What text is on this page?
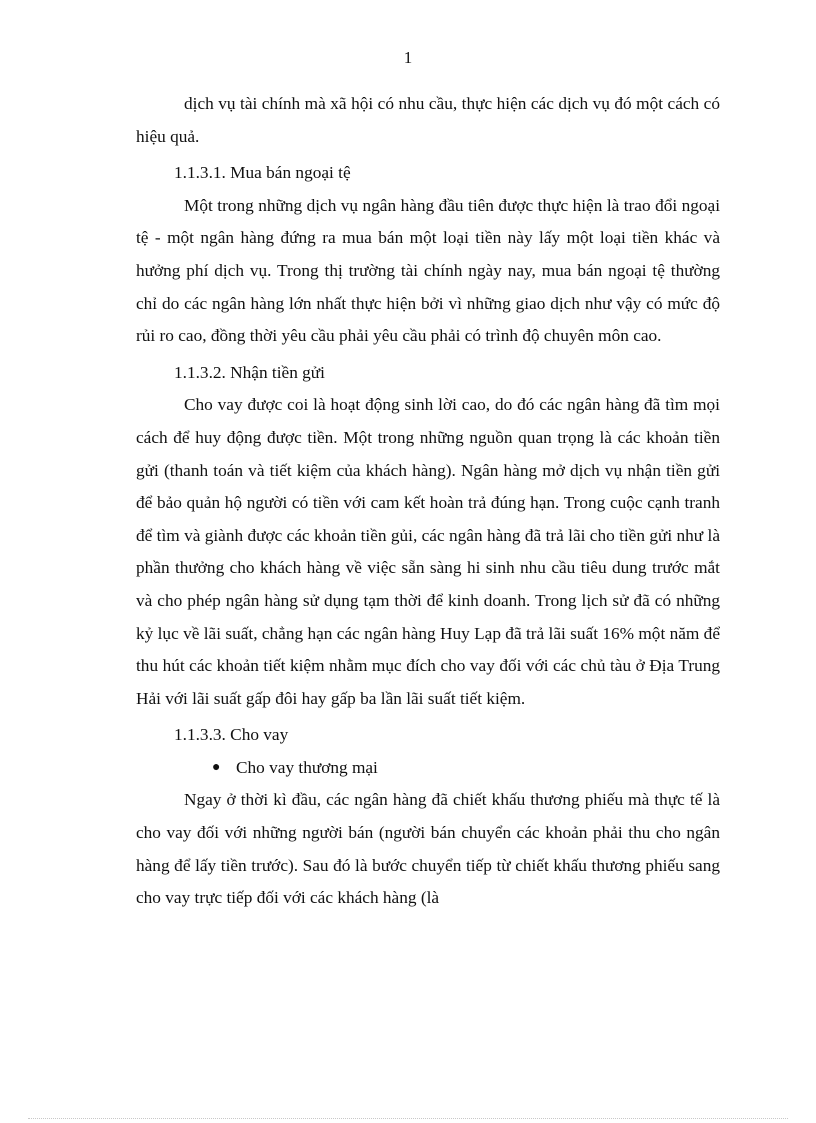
1

dịch vụ tài chính mà xã hội có nhu cầu, thực hiện các dịch vụ đó một cách có hiệu quả.

1.1.3.1. Mua bán ngoại tệ

Một trong những dịch vụ ngân hàng đầu tiên được thực hiện là trao đổi ngoại tệ - một ngân hàng đứng ra mua bán một loại tiền này lấy một loại tiền khác và hưởng phí dịch vụ. Trong thị trường tài chính ngày nay, mua bán ngoại tệ thường chỉ do các ngân hàng lớn nhất thực hiện bởi vì những giao dịch như vậy có mức độ rủi ro cao, đồng thời yêu cầu phải yêu cầu phải có trình độ chuyên môn cao.

1.1.3.2. Nhận tiền gửi

Cho vay được coi là hoạt động sinh lời cao, do đó các ngân hàng đã tìm mọi cách để huy động được tiền. Một trong những nguồn quan trọng là các khoản tiền gửi (thanh toán và tiết kiệm của khách hàng). Ngân hàng mở dịch vụ nhận tiền gửi để bảo quản hộ người có tiền với cam kết hoàn trả đúng hạn. Trong cuộc cạnh tranh để tìm và giành được các khoản tiền gủi, các ngân hàng đã trả lãi cho tiền gửi như là phần thưởng cho khách hàng về việc sẵn sàng hi sinh nhu cầu tiêu dung trước mắt và cho phép ngân hàng sử dụng tạm thời để kinh doanh. Trong lịch sử đã có những kỷ lục về lãi suất, chẳng hạn các ngân hàng Huy Lạp đã trả lãi suất 16% một năm để thu hút các khoản tiết kiệm nhằm mục đích cho vay đối với các chủ tàu ở Địa Trung Hải với lãi suất gấp đôi hay gấp ba lần lãi suất tiết kiệm.

1.1.3.3. Cho vay
● Cho vay thương mại

Ngay ở thời kì đầu, các ngân hàng đã chiết khấu thương phiếu mà thực tế là cho vay đối với những người bán (người bán chuyển các khoản phải thu cho ngân hàng để lấy tiền trước). Sau đó là bước chuyển tiếp từ chiết khấu thương phiếu sang cho vay trực tiếp đối với các khách hàng (là
